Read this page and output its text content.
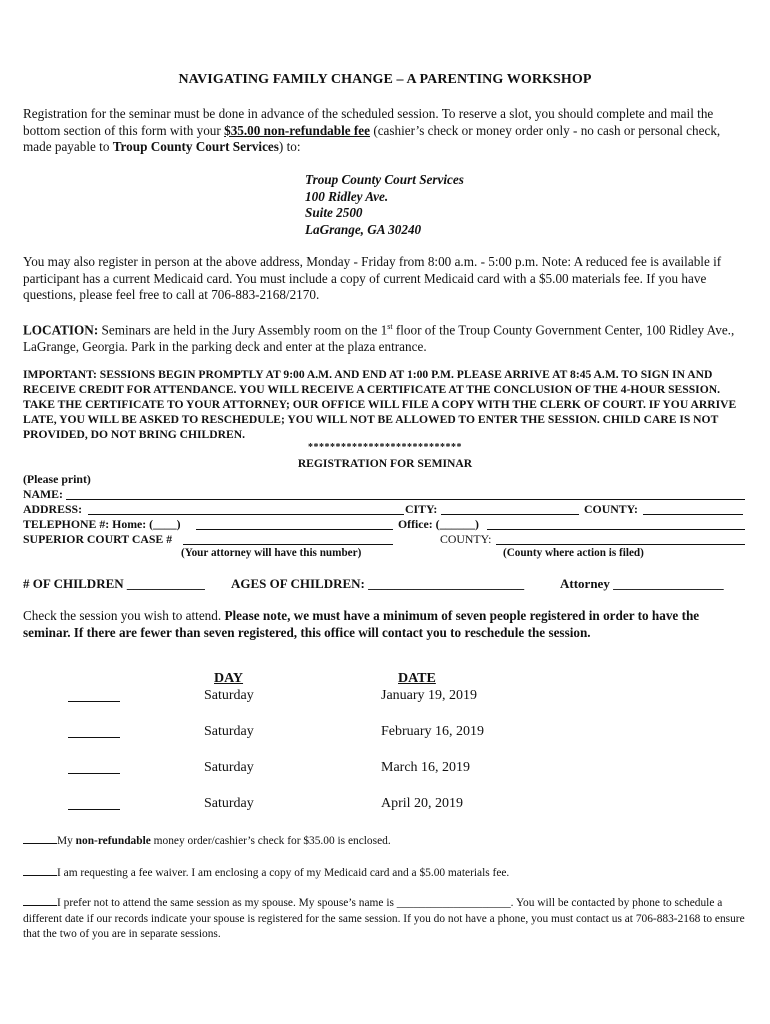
NAVIGATING FAMILY CHANGE – A PARENTING WORKSHOP
Registration for the seminar must be done in advance of the scheduled session. To reserve a slot, you should complete and mail the bottom section of this form with your $35.00 non-refundable fee (cashier’s check or money order only - no cash or personal check, made payable to Troup County Court Services) to:
Troup County Court Services
100 Ridley Ave.
Suite 2500
LaGrange, GA 30240
You may also register in person at the above address, Monday - Friday from 8:00 a.m. - 5:00 p.m. Note: A reduced fee is available if participant has a current Medicaid card. You must include a copy of current Medicaid card with a $5.00 materials fee. If you have questions, please feel free to call at 706-883-2168/2170.
LOCATION: Seminars are held in the Jury Assembly room on the 1st floor of the Troup County Government Center, 100 Ridley Ave., LaGrange, Georgia. Park in the parking deck and enter at the plaza entrance.
IMPORTANT: SESSIONS BEGIN PROMPTLY AT 9:00 A.M. AND END AT 1:00 P.M. PLEASE ARRIVE AT 8:45 A.M. TO SIGN IN AND RECEIVE CREDIT FOR ATTENDANCE. YOU WILL RECEIVE A CERTIFICATE AT THE CONCLUSION OF THE 4-HOUR SESSION. TAKE THE CERTIFICATE TO YOUR ATTORNEY; OUR OFFICE WILL FILE A COPY WITH THE CLERK OF COURT. IF YOU ARRIVE LATE, YOU WILL BE ASKED TO RESCHEDULE; YOU WILL NOT BE ALLOWED TO ENTER THE SESSION. CHILD CARE IS NOT PROVIDED, DO NOT BRING CHILDREN.
****************************
REGISTRATION FOR SEMINAR
(Please print)
NAME:
ADDRESS:	CITY:	COUNTY:
TELEPHONE #: Home: (____)	Office: (______)
SUPERIOR COURT CASE #	COUNTY:
(Your attorney will have this number)	(County where action is filed)
# OF CHILDREN ____________ AGES OF CHILDREN: ________________________	Attorney _________________
Check the session you wish to attend. Please note, we must have a minimum of seven people registered in order to have the seminar. If there are fewer than seven registered, this office will contact you to reschedule the session.
DAY	DATE
Saturday	January 19, 2019
Saturday	February 16, 2019
Saturday	March 16, 2019
Saturday	April 20, 2019
My non-refundable money order/cashier’s check for $35.00 is enclosed.
I am requesting a fee waiver. I am enclosing a copy of my Medicaid card and a $5.00 materials fee.
I prefer not to attend the same session as my spouse. My spouse’s name is ____________________. You will be contacted by phone to schedule a different date if our records indicate your spouse is registered for the same session. If you do not have a phone, you must contact us at 706-883-2168 to ensure that the two of you are in separate sessions.
